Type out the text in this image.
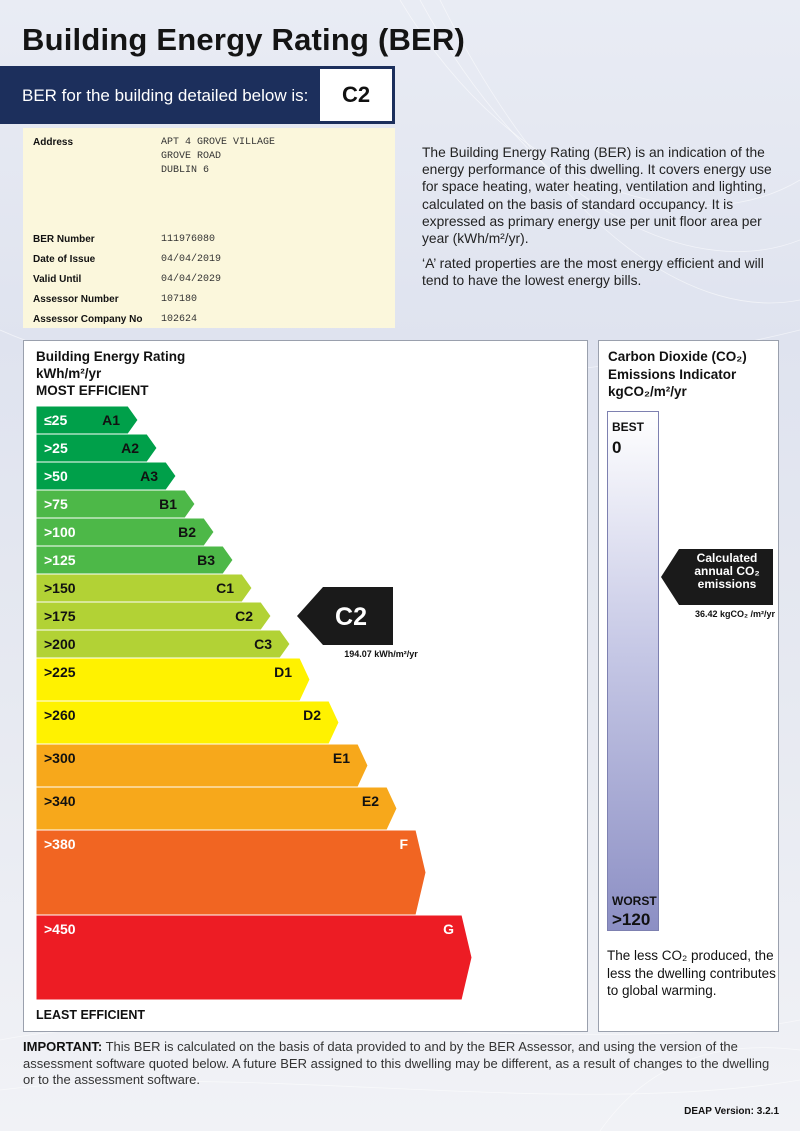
Building Energy Rating (BER)
BER for the building detailed below is:	C2
Address	APT 4 GROVE VILLAGE
GROVE ROAD
DUBLIN 6
BER Number	111976080
Date of Issue	04/04/2019
Valid Until	04/04/2029
Assessor Number	107180
Assessor Company No 102624

The Building Energy Rating (BER) is an indication of the energy performance of this dwelling. It covers energy use for space heating, water heating, ventilation and lighting, calculated on the basis of standard occupancy. It is expressed as primary energy use per unit floor area per year (kWh/m²/yr).

‘A’ rated properties are the most energy efficient and will tend to have the lowest energy bills.

Building Energy Rating
kWh/m²/yr
MOST EFFICIENT
≤25 A1
>25	A2
>50	A3
>75	B1
>100	B2
>125	B3
>150	C1
>175	C2
>200	C3
>225	D1
>260	D2
>300	E1
>340	E2
>380	F
>450	G
C2
194.07 kWh/m²/yr
LEAST EFFICIENT
Carbon Dioxide (CO₂)
Emissions Indicator
kgCO₂/m²/yr
BEST
0
WORST
>120
Calculated
annual CO₂
emissions
36.42 kgCO₂ /m²/yr
The less CO₂ produced, the less the dwelling contributes to global warming.
IMPORTANT: This BER is calculated on the basis of data provided to and by the BER Assessor, and using the version of the assessment software quoted below. A future BER assigned to this dwelling may be different, as a result of changes to the dwelling or to the assessment software.
DEAP Version: 3.2.1
